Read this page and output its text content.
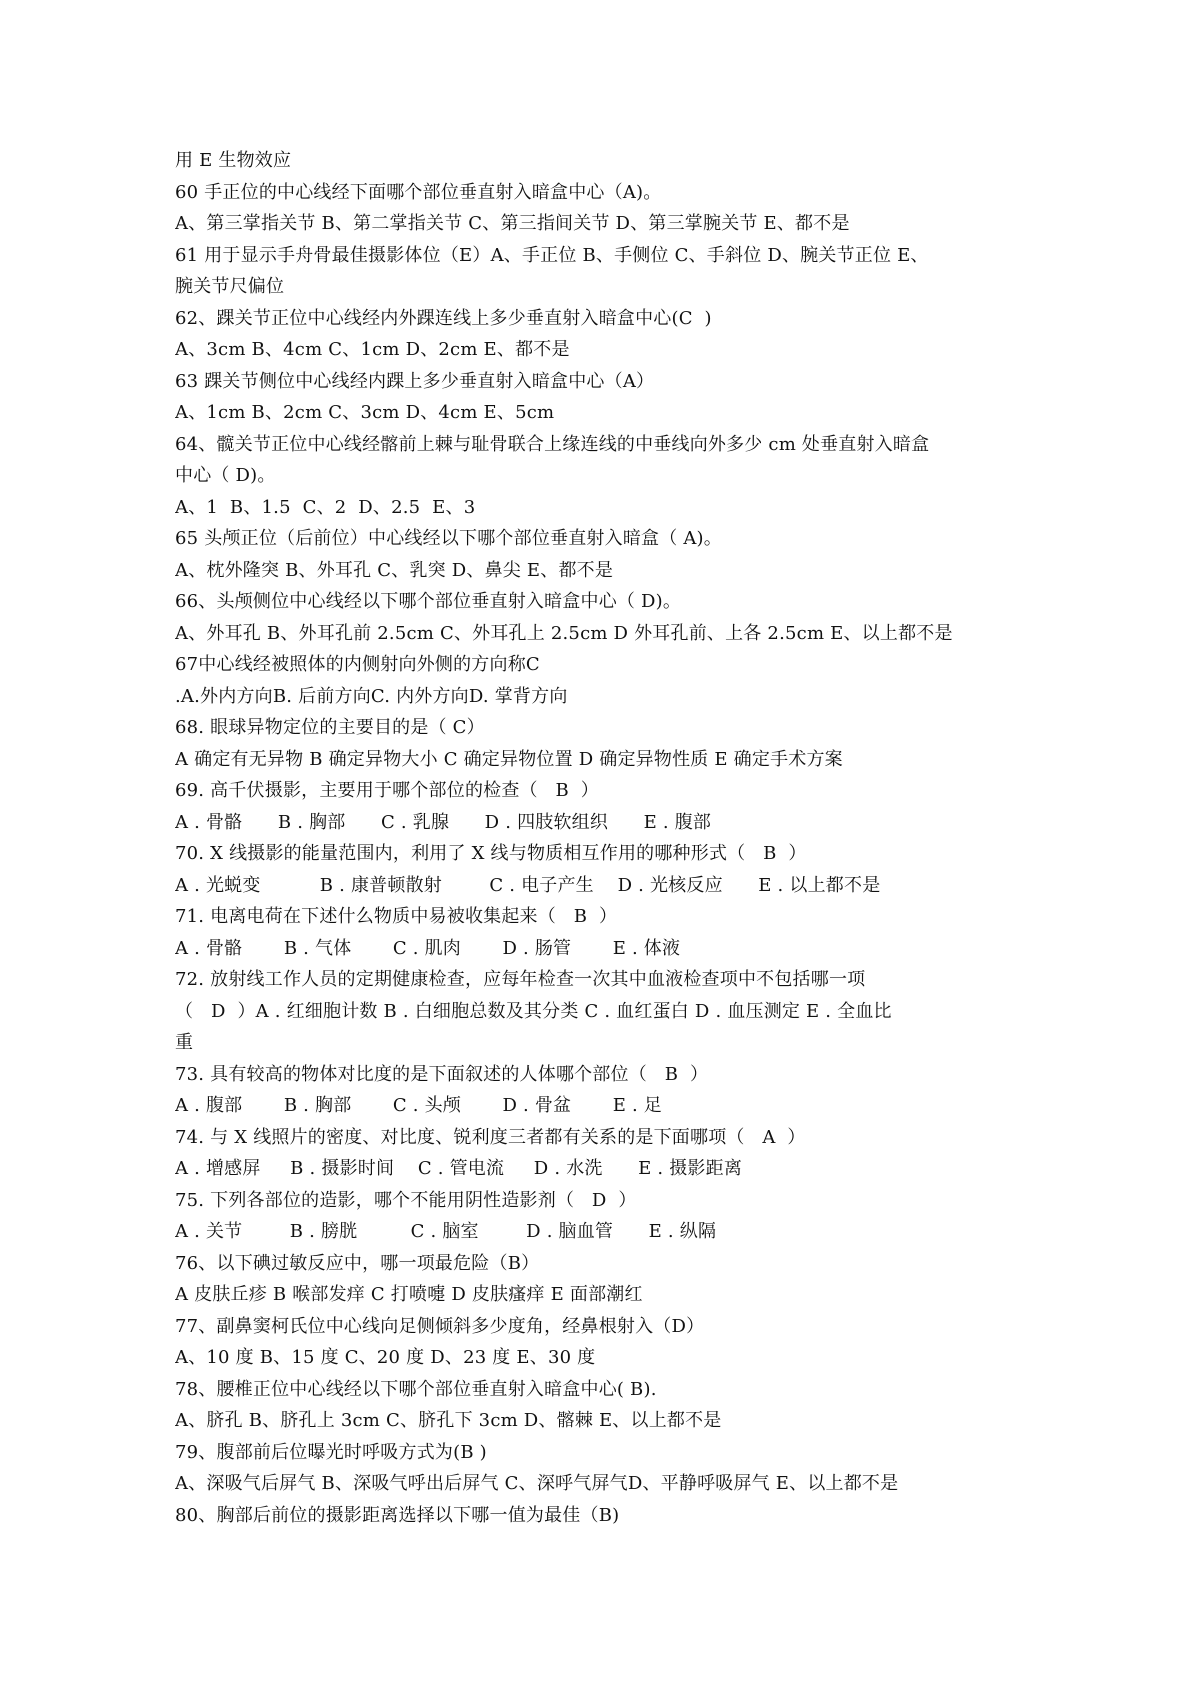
用 E 生物效应
60 手正位的中心线经下面哪个部位垂直射入暗盒中心（A)。
A、第三掌指关节 B、第二掌指关节 C、第三指间关节 D、第三掌腕关节 E、都不是
61 用于显示手舟骨最佳摄影体位（E）A、手正位 B、手侧位 C、手斜位 D、腕关节正位 E、
腕关节尺偏位
62、踝关节正位中心线经内外踝连线上多少垂直射入暗盒中心(C  )
A、3cm B、4cm C、1cm D、2cm E、都不是
63 踝关节侧位中心线经内踝上多少垂直射入暗盒中心（A）
A、1cm B、2cm C、3cm D、4cm E、5cm
64、髋关节正位中心线经髂前上棘与耻骨联合上缘连线的中垂线向外多少 cm 处垂直射入暗盒
中心（ D)。
A、1  B、1.5  C、2  D、2.5  E、3
65 头颅正位（后前位）中心线经以下哪个部位垂直射入暗盒（ A)。
A、枕外隆突 B、外耳孔 C、乳突 D、鼻尖 E、都不是
66、头颅侧位中心线经以下哪个部位垂直射入暗盒中心（ D)。
A、外耳孔 B、外耳孔前 2.5cm C、外耳孔上 2.5cm D 外耳孔前、上各 2.5cm E、以上都不是
67中心线经被照体的内侧射向外侧的方向称C
.A.外内方向B. 后前方向C. 内外方向D. 掌背方向
68. 眼球异物定位的主要目的是（ C）
A 确定有无异物 B 确定异物大小 C 确定异物位置 D 确定异物性质 E 确定手术方案
69. 高千伏摄影，主要用于哪个部位的检查（   B  ）
A . 骨骼      B . 胸部      C . 乳腺      D . 四肢软组织      E . 腹部
70. X 线摄影的能量范围内，利用了 X 线与物质相互作用的哪种形式（   B  ）
A . 光蜕变          B . 康普顿散射        C . 电子产生    D . 光核反应      E . 以上都不是
71. 电离电荷在下述什么物质中易被收集起来（   B  ）
A . 骨骼       B . 气体       C . 肌肉       D . 肠管       E . 体液
72. 放射线工作人员的定期健康检查，应每年检查一次其中血液检查项中不包括哪一项
（   D  ）A . 红细胞计数 B . 白细胞总数及其分类 C . 血红蛋白 D . 血压测定 E . 全血比
重
73. 具有较高的物体对比度的是下面叙述的人体哪个部位（   B  ）
A . 腹部       B . 胸部       C . 头颅       D . 骨盆       E . 足
74. 与 X 线照片的密度、对比度、锐利度三者都有关系的是下面哪项（   A  ）
A . 增感屏     B . 摄影时间    C . 管电流     D . 水洗      E . 摄影距离
75. 下列各部位的造影，哪个不能用阴性造影剂（   D  ）
A . 关节        B . 膀胱         C . 脑室        D . 脑血管      E . 纵隔
76、以下碘过敏反应中，哪一项最危险（B）
A 皮肤丘疹 B 喉部发痒 C 打喷嚏 D 皮肤瘙痒 E 面部潮红
77、副鼻窦柯氏位中心线向足侧倾斜多少度角，经鼻根射入（D）
A、10 度 B、15 度 C、20 度 D、23 度 E、30 度
78、腰椎正位中心线经以下哪个部位垂直射入暗盒中心( B).
A、脐孔 B、脐孔上 3cm C、脐孔下 3cm D、髂棘 E、以上都不是
79、腹部前后位曝光时呼吸方式为(B )
A、深吸气后屏气 B、深吸气呼出后屏气 C、深呼气屏气D、平静呼吸屏气 E、以上都不是
80、胸部后前位的摄影距离选择以下哪一值为最佳（B)
